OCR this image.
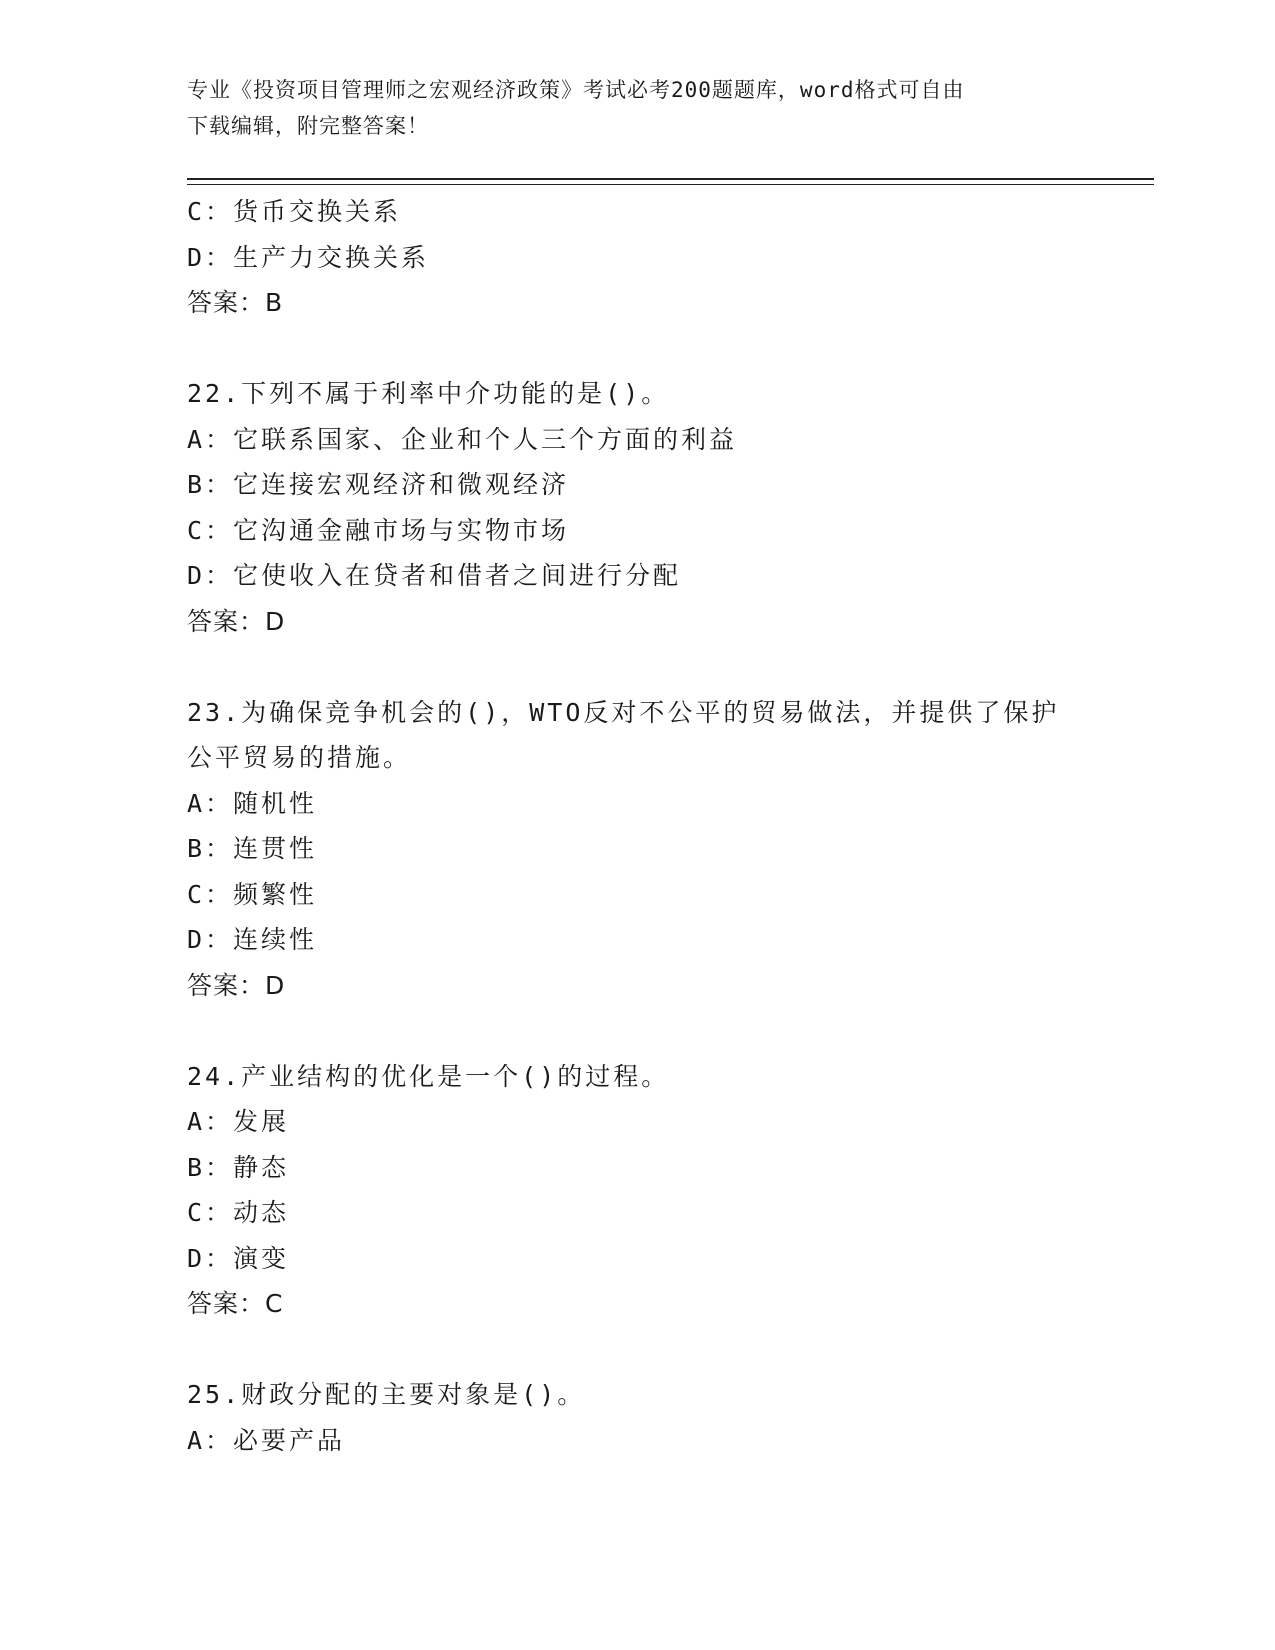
专业《投资项目管理师之宏观经济政策》考试必考200题题库，word格式可自由
下载编辑，附完整答案！
C：货币交换关系
D：生产力交换关系
答案：B
22.下列不属于利率中介功能的是()。
A：它联系国家、企业和个人三个方面的利益
B：它连接宏观经济和微观经济
C：它沟通金融市场与实物市场
D：它使收入在贷者和借者之间进行分配
答案：D
23.为确保竞争机会的()，WTO反对不公平的贸易做法，并提供了保护
公平贸易的措施。
A：随机性
B：连贯性
C：频繁性
D：连续性
答案：D
24.产业结构的优化是一个()的过程。
A：发展
B：静态
C：动态
D：演变
答案：C
25.财政分配的主要对象是()。
A：必要产品
